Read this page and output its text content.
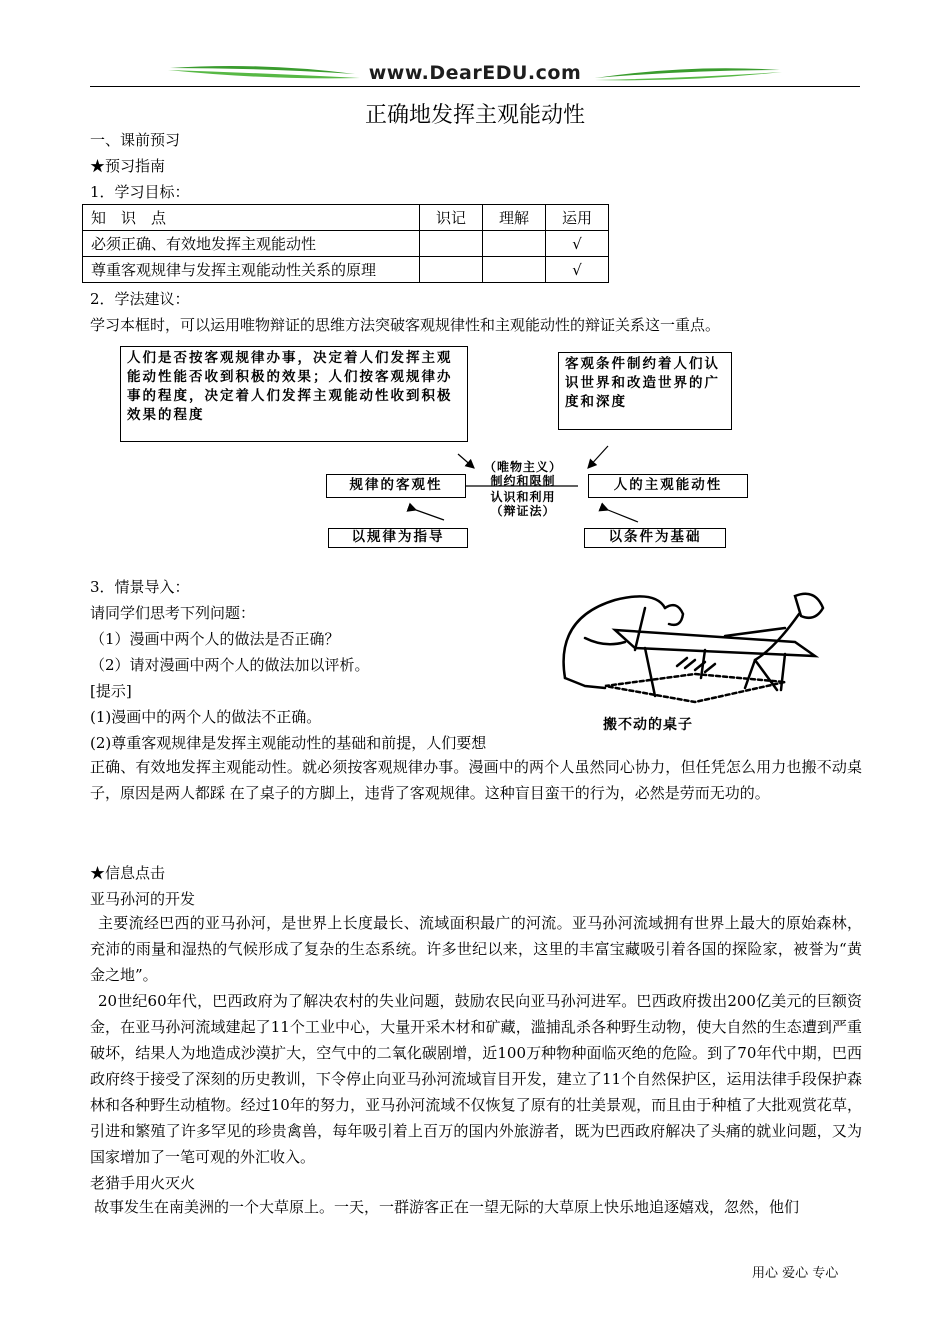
www.DearEDU.com
正确地发挥主观能动性
一、课前预习
★预习指南
1．学习目标：
知　识　点	识记	理解	运用
必须正确、有效地发挥主观能动性			√
尊重客观规律与发挥主观能动性关系的原理			√
2．学法建议：
学习本框时，可以运用唯物辩证的思维方法突破客观规律性和主观能动性的辩证关系这一重点。
人们是否按客观规律办事，决定着人们发挥主观能动性能否收到积极的效果；人们按客观规律办事的程度，决定着人们发挥主观能动性收到积极效果的程度
客观条件制约着人们认识世界和改造世界的广度和深度
规律的客观性	人的主观能动性
以规律为指导	以条件为基础
（唯物主义）
制约和限制
认识和利用
（辩证法）
3．情景导入：
请同学们思考下列问题：
（1）漫画中两个人的做法是否正确？
（2）请对漫画中两个人的做法加以评析。
[提示]
(1)漫画中的两个人的做法不正确。
(2)尊重客观规律是发挥主观能动性的基础和前提，人们要想
正确、有效地发挥主观能动性。就必须按客观规律办事。漫画中的两个人虽然同心协力，但任凭怎么用力也搬不动桌子，原因是两人都踩 在了桌子的方脚上，违背了客观规律。这种盲目蛮干的行为，必然是劳而无功的。
搬不动的桌子
★信息点击
亚马孙河的开发
主要流经巴西的亚马孙河，是世界上长度最长、流域面积最广的河流。亚马孙河流域拥有世界上最大的原始森林，充沛的雨量和湿热的气候形成了复杂的生态系统。许多世纪以来，这里的丰富宝藏吸引着各国的探险家，被誉为“黄金之地”。
20世纪60年代，巴西政府为了解决农村的失业问题，鼓励农民向亚马孙河进军。巴西政府拨出200亿美元的巨额资金，在亚马孙河流域建起了11个工业中心，大量开采木材和矿藏，滥捕乱杀各种野生动物，使大自然的生态遭到严重破坏，结果人为地造成沙漠扩大，空气中的二氧化碳剧增，近100万种物种面临灭绝的危险。到了70年代中期，巴西政府终于接受了深刻的历史教训，下令停止向亚马孙河流域盲目开发，建立了11个自然保护区，运用法律手段保护森林和各种野生动植物。经过10年的努力，亚马孙河流域不仅恢复了原有的壮美景观，而且由于种植了大批观赏花草，引进和繁殖了许多罕见的珍贵禽兽，每年吸引着上百万的国内外旅游者，既为巴西政府解决了头痛的就业问题，又为国家增加了一笔可观的外汇收入。
老猎手用火灭火
故事发生在南美洲的一个大草原上。一天，一群游客正在一望无际的大草原上快乐地追逐嬉戏，忽然，他们
用心 爱心 专心
